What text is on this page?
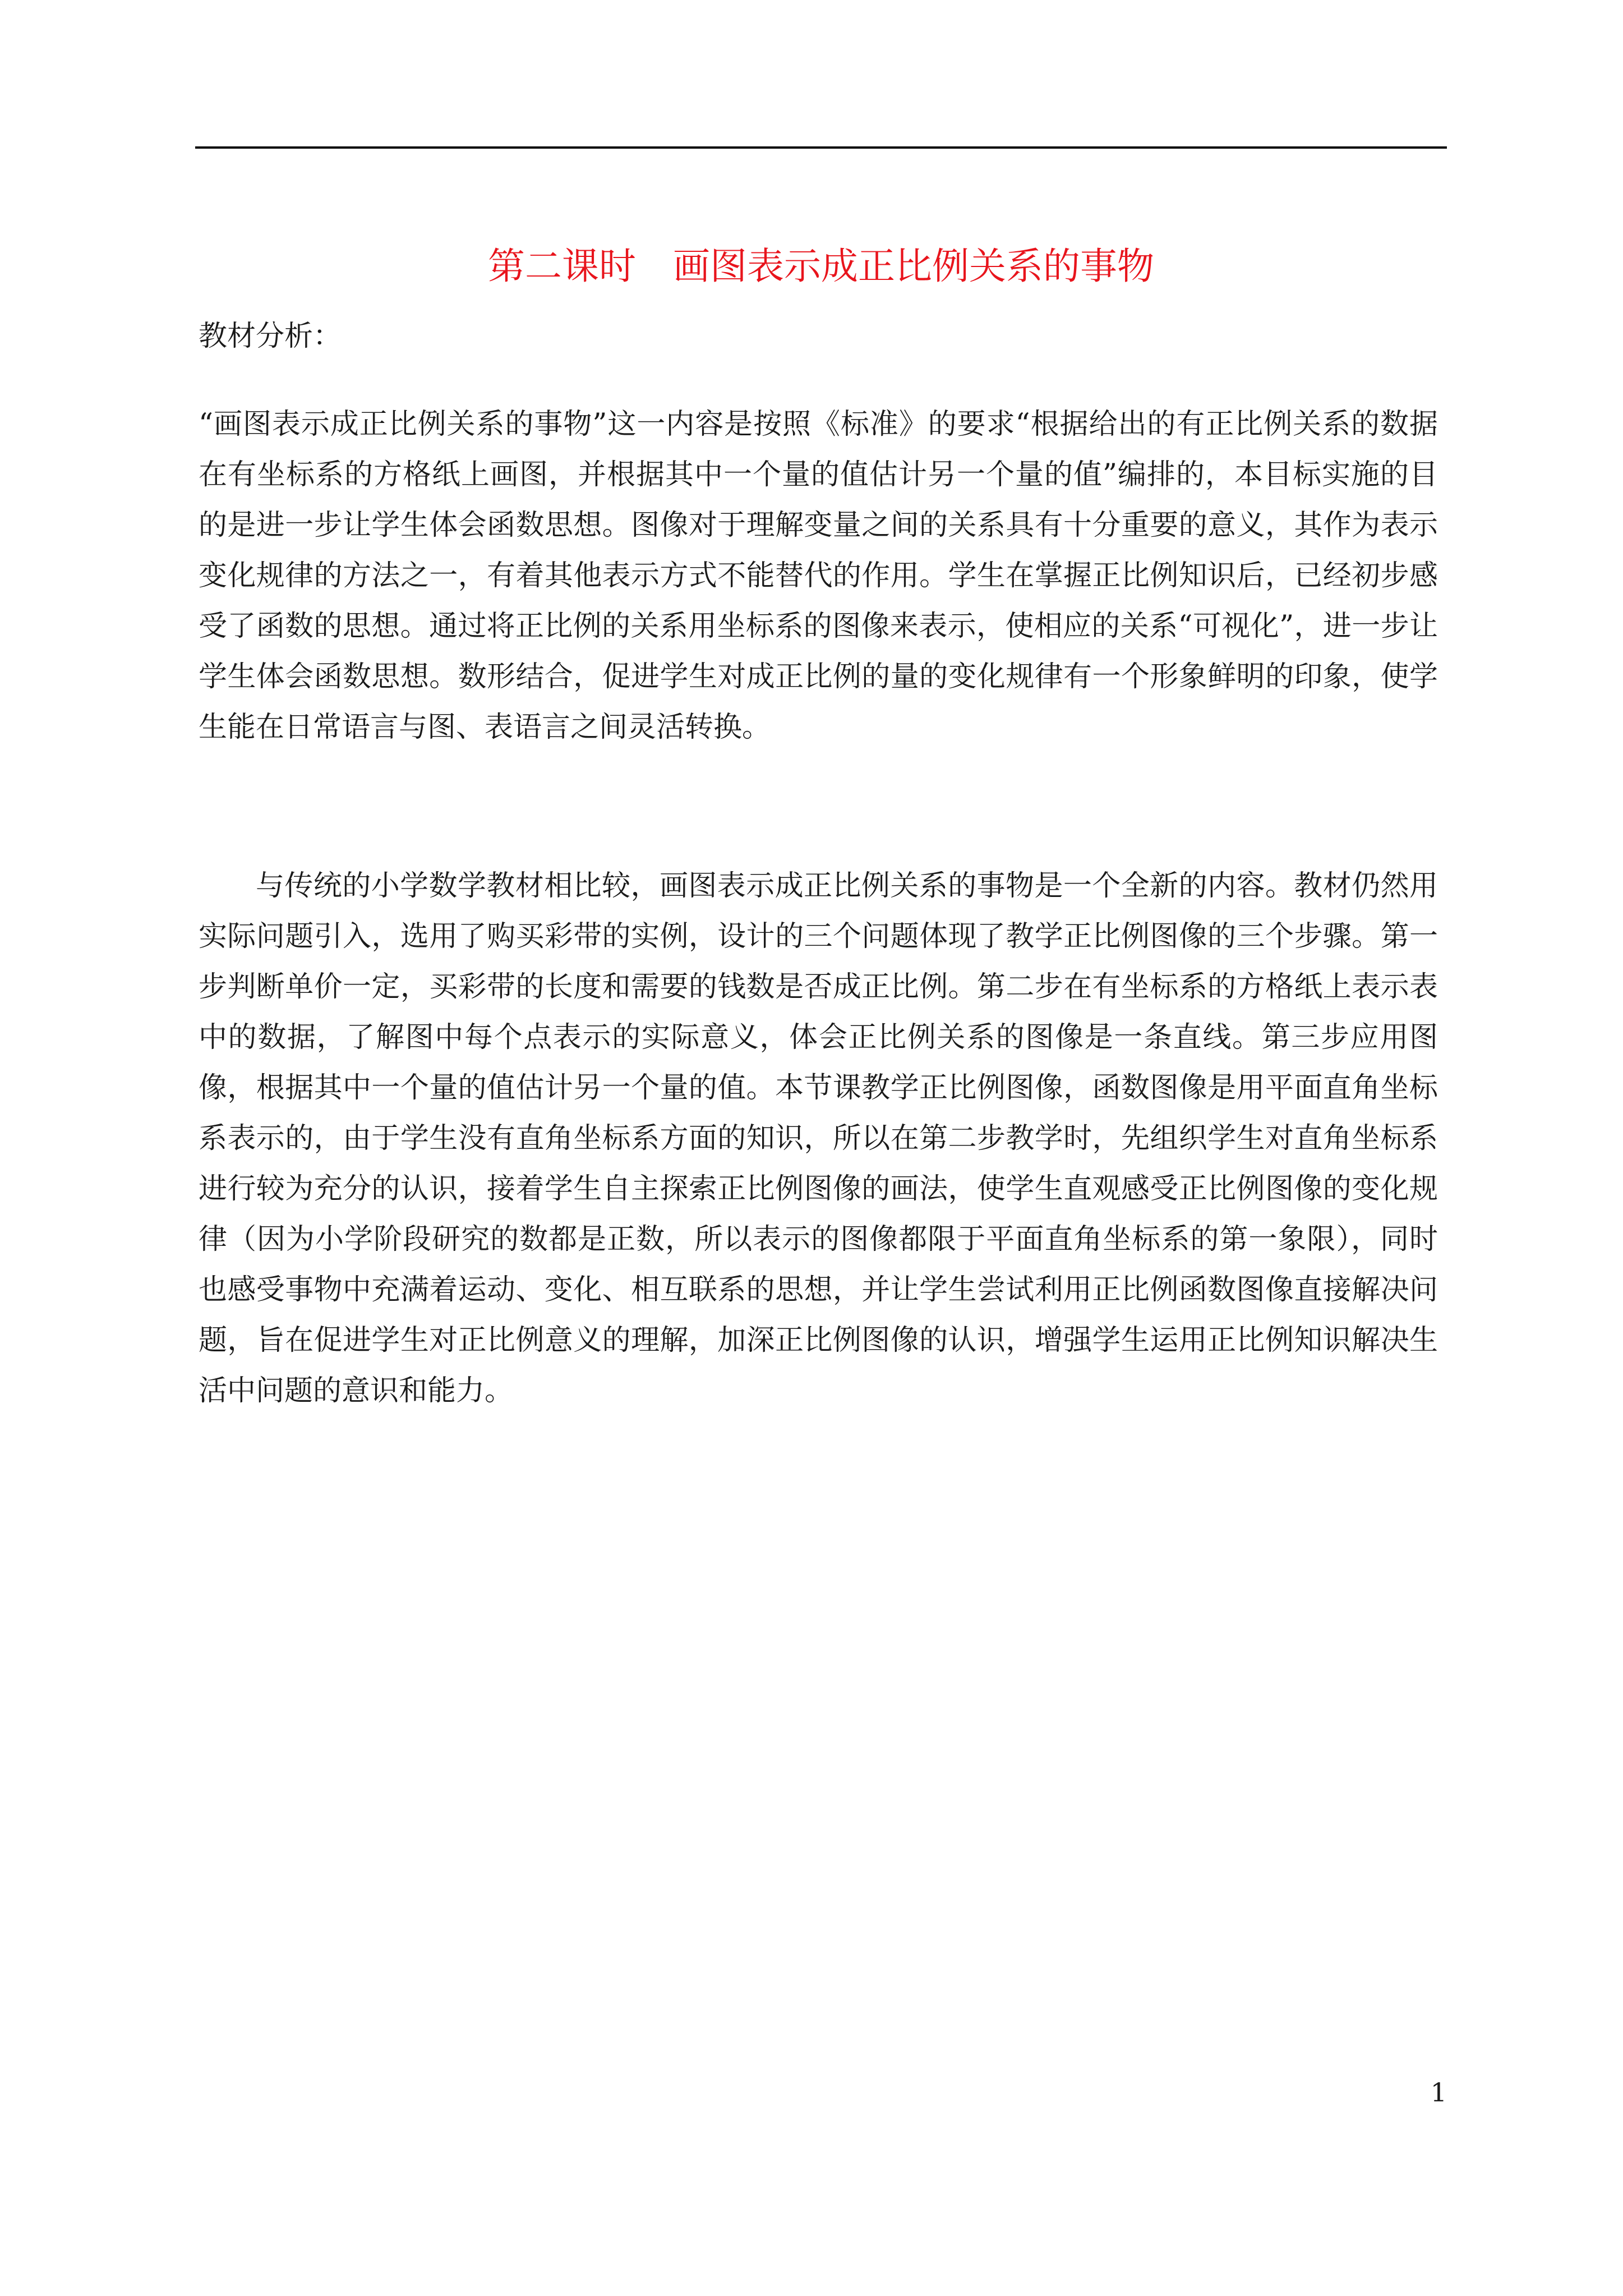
第二课时　画图表示成正比例关系的事物
教材分析：

“画图表示成正比例关系的事物”这一内容是按照《标准》的要求“根据给出的有正比例关系的数据在有坐标系的方格纸上画图，并根据其中一个量的值估计另一个量的值”编排的，本目标实施的目的是进一步让学生体会函数思想。图像对于理解变量之间的关系具有十分重要的意义，其作为表示变化规律的方法之一，有着其他表示方式不能替代的作用。学生在掌握正比例知识后，已经初步感受了函数的思想。通过将正比例的关系用坐标系的图像来表示，使相应的关系“可视化”，进一步让学生体会函数思想。数形结合，促进学生对成正比例的量的变化规律有一个形象鲜明的印象，使学生能在日常语言与图、表语言之间灵活转换。

与传统的小学数学教材相比较，画图表示成正比例关系的事物是一个全新的内容。教材仍然用实际问题引入，选用了购买彩带的实例，设计的三个问题体现了教学正比例图像的三个步骤。第一步判断单价一定，买彩带的长度和需要的钱数是否成正比例。第二步在有坐标系的方格纸上表示表中的数据，了解图中每个点表示的实际意义，体会正比例关系的图像是一条直线。第三步应用图像，根据其中一个量的值估计另一个量的值。本节课教学正比例图像，函数图像是用平面直角坐标系表示的，由于学生没有直角坐标系方面的知识，所以在第二步教学时，先组织学生对直角坐标系进行较为充分的认识，接着学生自主探索正比例图像的画法，使学生直观感受正比例图像的变化规律（因为小学阶段研究的数都是正数，所以表示的图像都限于平面直角坐标系的第一象限），同时也感受事物中充满着运动、变化、相互联系的思想，并让学生尝试利用正比例函数图像直接解决问题，旨在促进学生对正比例意义的理解，加深正比例图像的认识，增强学生运用正比例知识解决生活中问题的意识和能力。

1
